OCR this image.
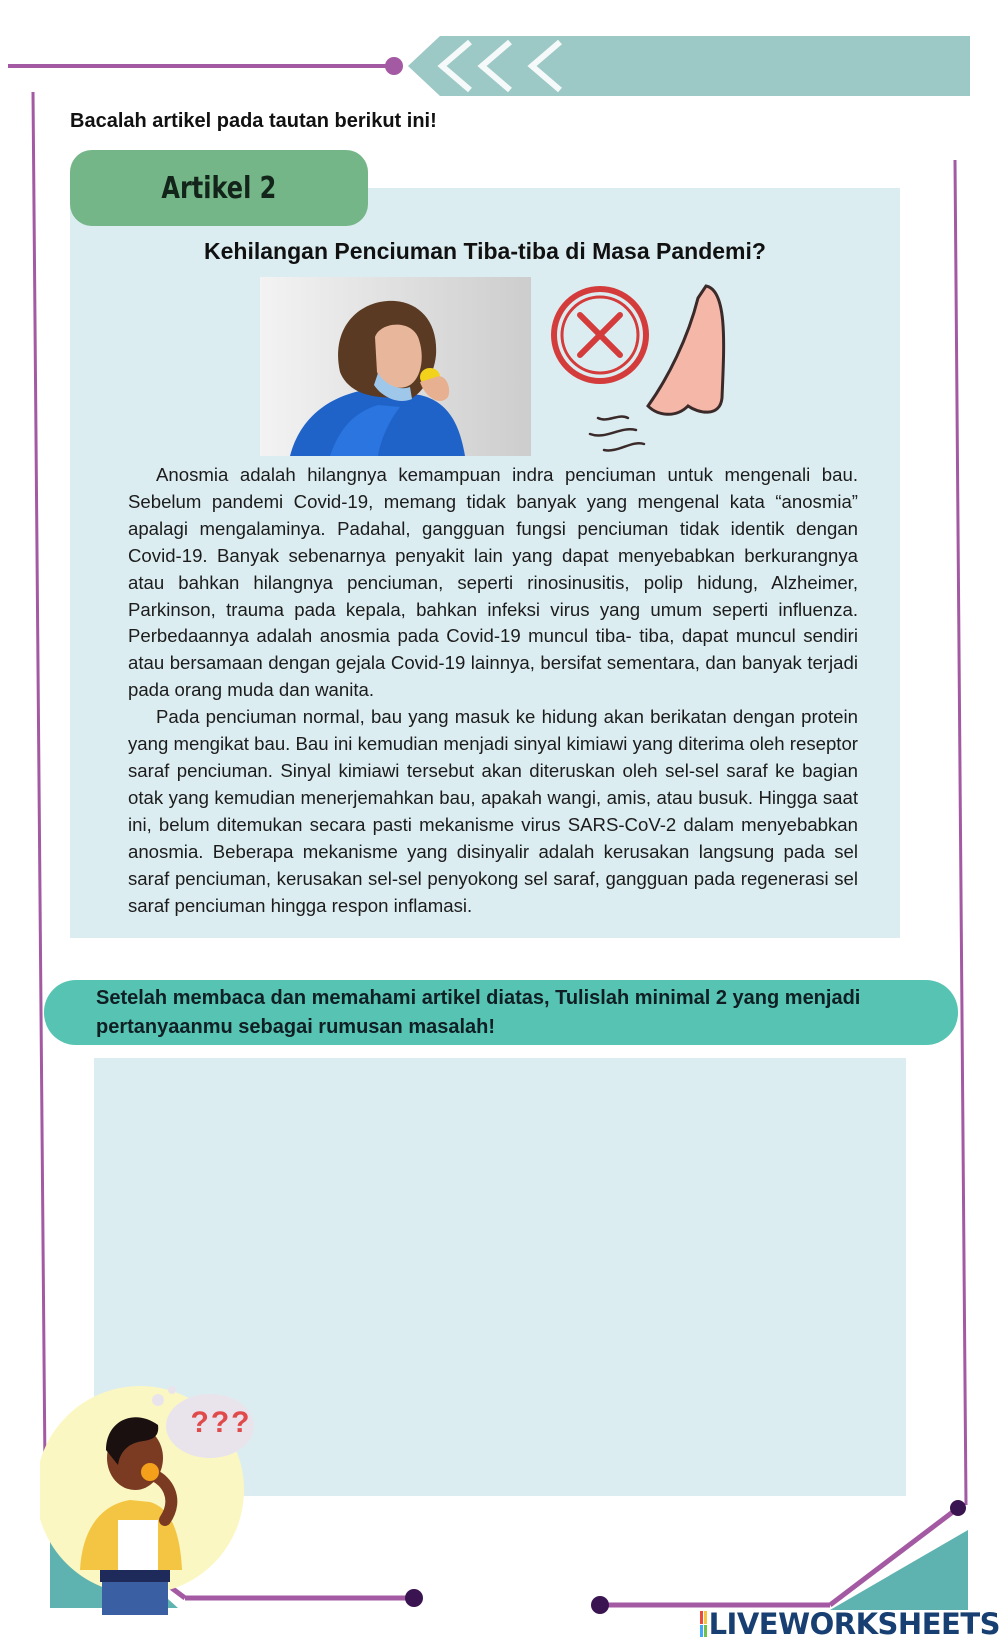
Bacalah artikel pada tautan berikut ini!
Artikel 2
Kehilangan Penciuman Tiba-tiba di Masa Pandemi?

Anosmia adalah hilangnya kemampuan indra penciuman untuk mengenali bau. Sebelum pandemi Covid-19, memang tidak banyak yang mengenal kata “anosmia” apalagi mengalaminya. Padahal, gangguan fungsi penciuman tidak identik dengan Covid-19. Banyak sebenarnya penyakit lain yang dapat menyebabkan berkurangnya atau bahkan hilangnya penciuman, seperti rinosinusitis, polip hidung, Alzheimer, Parkinson, trauma pada kepala, bahkan infeksi virus yang umum seperti influenza. Perbedaannya adalah anosmia pada Covid-19 muncul tiba- tiba, dapat muncul sendiri atau bersamaan dengan gejala Covid-19 lainnya, bersifat sementara, dan banyak terjadi pada orang muda dan wanita.

Pada penciuman normal, bau yang masuk ke hidung akan berikatan dengan protein yang mengikat bau. Bau ini kemudian menjadi sinyal kimiawi yang diterima oleh reseptor saraf penciuman. Sinyal kimiawi tersebut akan diteruskan oleh sel-sel saraf ke bagian otak yang kemudian menerjemahkan bau, apakah wangi, amis, atau busuk. Hingga saat ini, belum ditemukan secara pasti mekanisme virus SARS-CoV-2 dalam menyebabkan anosmia. Beberapa mekanisme yang disinyalir adalah kerusakan langsung pada sel saraf penciuman, kerusakan sel-sel penyokong sel saraf, gangguan pada regenerasi sel saraf penciuman hingga respon inflamasi.

Setelah membaca dan memahami artikel diatas, Tulislah minimal 2 yang menjadi pertanyaanmu sebagai rumusan masalah!
???
LIVEWORKSHEETS
